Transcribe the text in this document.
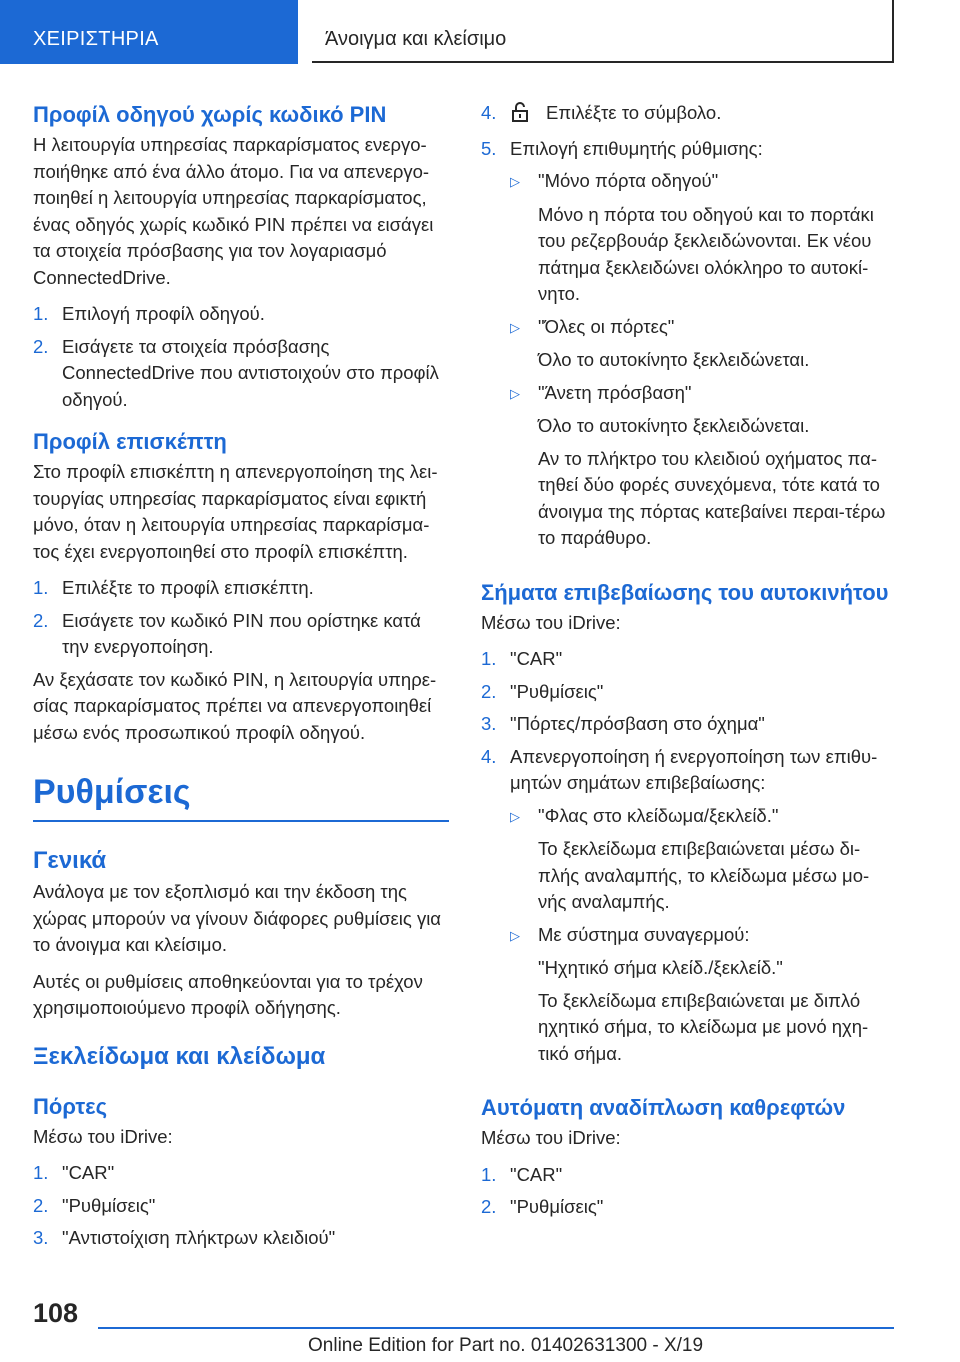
ΧΕΙΡΙΣΤΗΡΙΑ	Άνοιγμα και κλείσιμο
Προφίλ οδηγού χωρίς κωδικό PIN

Η λειτουργία υπηρεσίας παρκαρίσματος ενεργο‐ποιήθηκε από ένα άλλο άτομο. Για να απενεργο‐ποιηθεί η λειτουργία υπηρεσίας παρκαρίσματος, ένας οδηγός χωρίς κωδικό PIN πρέπει να εισάγει τα στοιχεία πρόσβασης για τον λογαριασμό ConnectedDrive.

1. Επιλογή προφίλ οδηγού.
2. Εισάγετε τα στοιχεία πρόσβασης ConnectedDrive που αντιστοιχούν στο προφίλ οδηγού.
Προφίλ επισκέπτη

Στο προφίλ επισκέπτη η απενεργοποίηση της λει‐τουργίας υπηρεσίας παρκαρίσματος είναι εφικτή μόνο, όταν η λειτουργία υπηρεσίας παρκαρίσμα‐τος έχει ενεργοποιηθεί στο προφίλ επισκέπτη.

1. Επιλέξτε το προφίλ επισκέπτη.
2. Εισάγετε τον κωδικό PIN που ορίστηκε κατά την ενεργοποίηση.

Αν ξεχάσατε τον κωδικό PIN, η λειτουργία υπηρε‐σίας παρκαρίσματος πρέπει να απενεργοποιηθεί μέσω ενός προσωπικού προφίλ οδηγού.

Ρυθμίσεις
Γενικά

Ανάλογα με τον εξοπλισμό και την έκδοση της χώρας μπορούν να γίνουν διάφορες ρυθμίσεις για το άνοιγμα και κλείσιμο.

Αυτές οι ρυθμίσεις αποθηκεύονται για το τρέχον χρησιμοποιούμενο προφίλ οδήγησης.

Ξεκλείδωμα και κλείδωμα
Πόρτες

Μέσω του iDrive:

1. "CAR"
2. "Ρυθμίσεις"
3. "Αντιστοίχιση πλήκτρων κλειδιού"
4.	Επιλέξτε το σύμβολο.
5. Επιλογή επιθυμητής ρύθμισης:
▷ "Μόνο πόρτα οδηγού"
Μόνο η πόρτα του οδηγού και το πορτάκι του ρεζερβουάρ ξεκλειδώνονται. Εκ νέου πάτημα ξεκλειδώνει ολόκληρο το αυτοκί‐νητο.
▷ "Όλες οι πόρτες"
Όλο το αυτοκίνητο ξεκλειδώνεται.
▷ "Άνετη πρόσβαση"
Όλο το αυτοκίνητο ξεκλειδώνεται.
Αν το πλήκτρο του κλειδιού οχήματος πα‐τηθεί δύο φορές συνεχόμενα, τότε κατά το άνοιγμα της πόρτας κατεβαίνει περαι‐τέρω το παράθυρο.
Σήματα επιβεβαίωσης του αυτοκινήτου

Μέσω του iDrive:

1. "CAR"
2. "Ρυθμίσεις"
3. "Πόρτες/πρόσβαση στο όχημα"
4. Απενεργοποίηση ή ενεργοποίηση των επιθυ‐μητών σημάτων επιβεβαίωσης:
▷ "Φλας στο κλείδωμα/ξεκλείδ."
Το ξεκλείδωμα επιβεβαιώνεται μέσω δι‐πλής αναλαμπής, το κλείδωμα μέσω μο‐νής αναλαμπής.
▷ Με σύστημα συναγερμού:
"Ηχητικό σήμα κλείδ./ξεκλείδ."
Το ξεκλείδωμα επιβεβαιώνεται με διπλό ηχητικό σήμα, το κλείδωμα με μονό ηχη‐τικό σήμα.
Αυτόματη αναδίπλωση καθρεφτών

Μέσω του iDrive:

1. "CAR"
2. "Ρυθμίσεις"
108
Online Edition for Part no. 01402631300 - X/19
